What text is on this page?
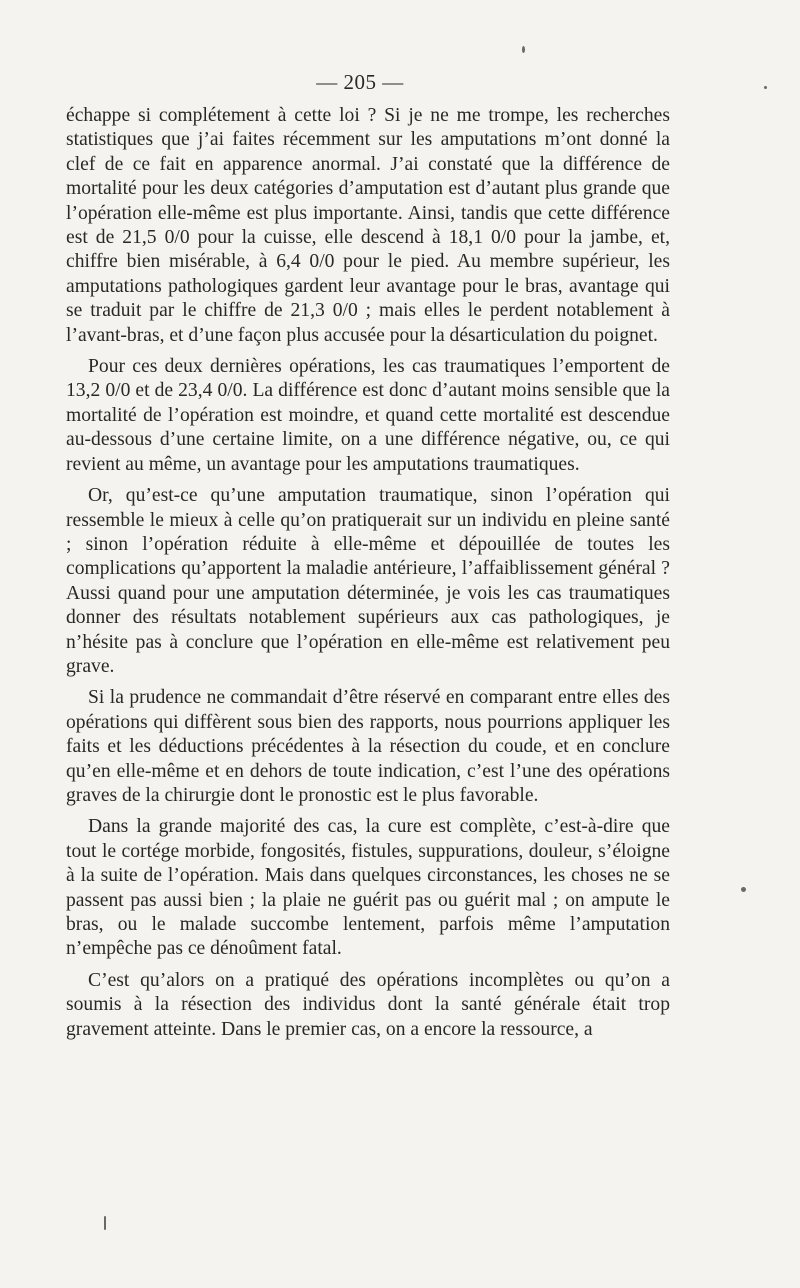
— 205 —

échappe si complétement à cette loi ? Si je ne me trompe, les recherches statistiques que j’ai faites récemment sur les amputations m’ont donné la clef de ce fait en apparence anormal. J’ai constaté que la différence de mortalité pour les deux catégories d’amputation est d’autant plus grande que l’opération elle-même est plus importante. Ainsi, tandis que cette différence est de 21,5 0/0 pour la cuisse, elle descend à 18,1 0/0 pour la jambe, et, chiffre bien misérable, à 6,4 0/0 pour le pied. Au membre supérieur, les amputations pathologiques gardent leur avantage pour le bras, avantage qui se traduit par le chiffre de 21,3 0/0 ; mais elles le perdent notablement à l’avant-bras, et d’une façon plus accusée pour la désarticulation du poignet.

Pour ces deux dernières opérations, les cas traumatiques l’emportent de 13,2 0/0 et de 23,4 0/0. La différence est donc d’autant moins sensible que la mortalité de l’opération est moindre, et quand cette mortalité est descendue au-dessous d’une certaine limite, on a une différence négative, ou, ce qui revient au même, un avantage pour les amputations traumatiques.

Or, qu’est-ce qu’une amputation traumatique, sinon l’opération qui ressemble le mieux à celle qu’on pratiquerait sur un individu en pleine santé ; sinon l’opération réduite à elle-même et dépouillée de toutes les complications qu’apportent la maladie antérieure, l’affaiblissement général ? Aussi quand pour une amputation déterminée, je vois les cas traumatiques donner des résultats notablement supérieurs aux cas pathologiques, je n’hésite pas à conclure que l’opération en elle-même est relativement peu grave.

Si la prudence ne commandait d’être réservé en comparant entre elles des opérations qui diffèrent sous bien des rapports, nous pourrions appliquer les faits et les déductions précédentes à la résection du coude, et en conclure qu’en elle-même et en dehors de toute indication, c’est l’une des opérations graves de la chirurgie dont le pronostic est le plus favorable.

Dans la grande majorité des cas, la cure est complète, c’est-à-dire que tout le cortége morbide, fongosités, fistules, suppurations, douleur, s’éloigne à la suite de l’opération. Mais dans quelques circonstances, les choses ne se passent pas aussi bien ; la plaie ne guérit pas ou guérit mal ; on ampute le bras, ou le malade succombe lentement, parfois même l’amputation n’empêche pas ce dénoûment fatal.

C’est qu’alors on a pratiqué des opérations incomplètes ou qu’on a soumis à la résection des individus dont la santé générale était trop gravement atteinte. Dans le premier cas, on a encore la ressource, a
